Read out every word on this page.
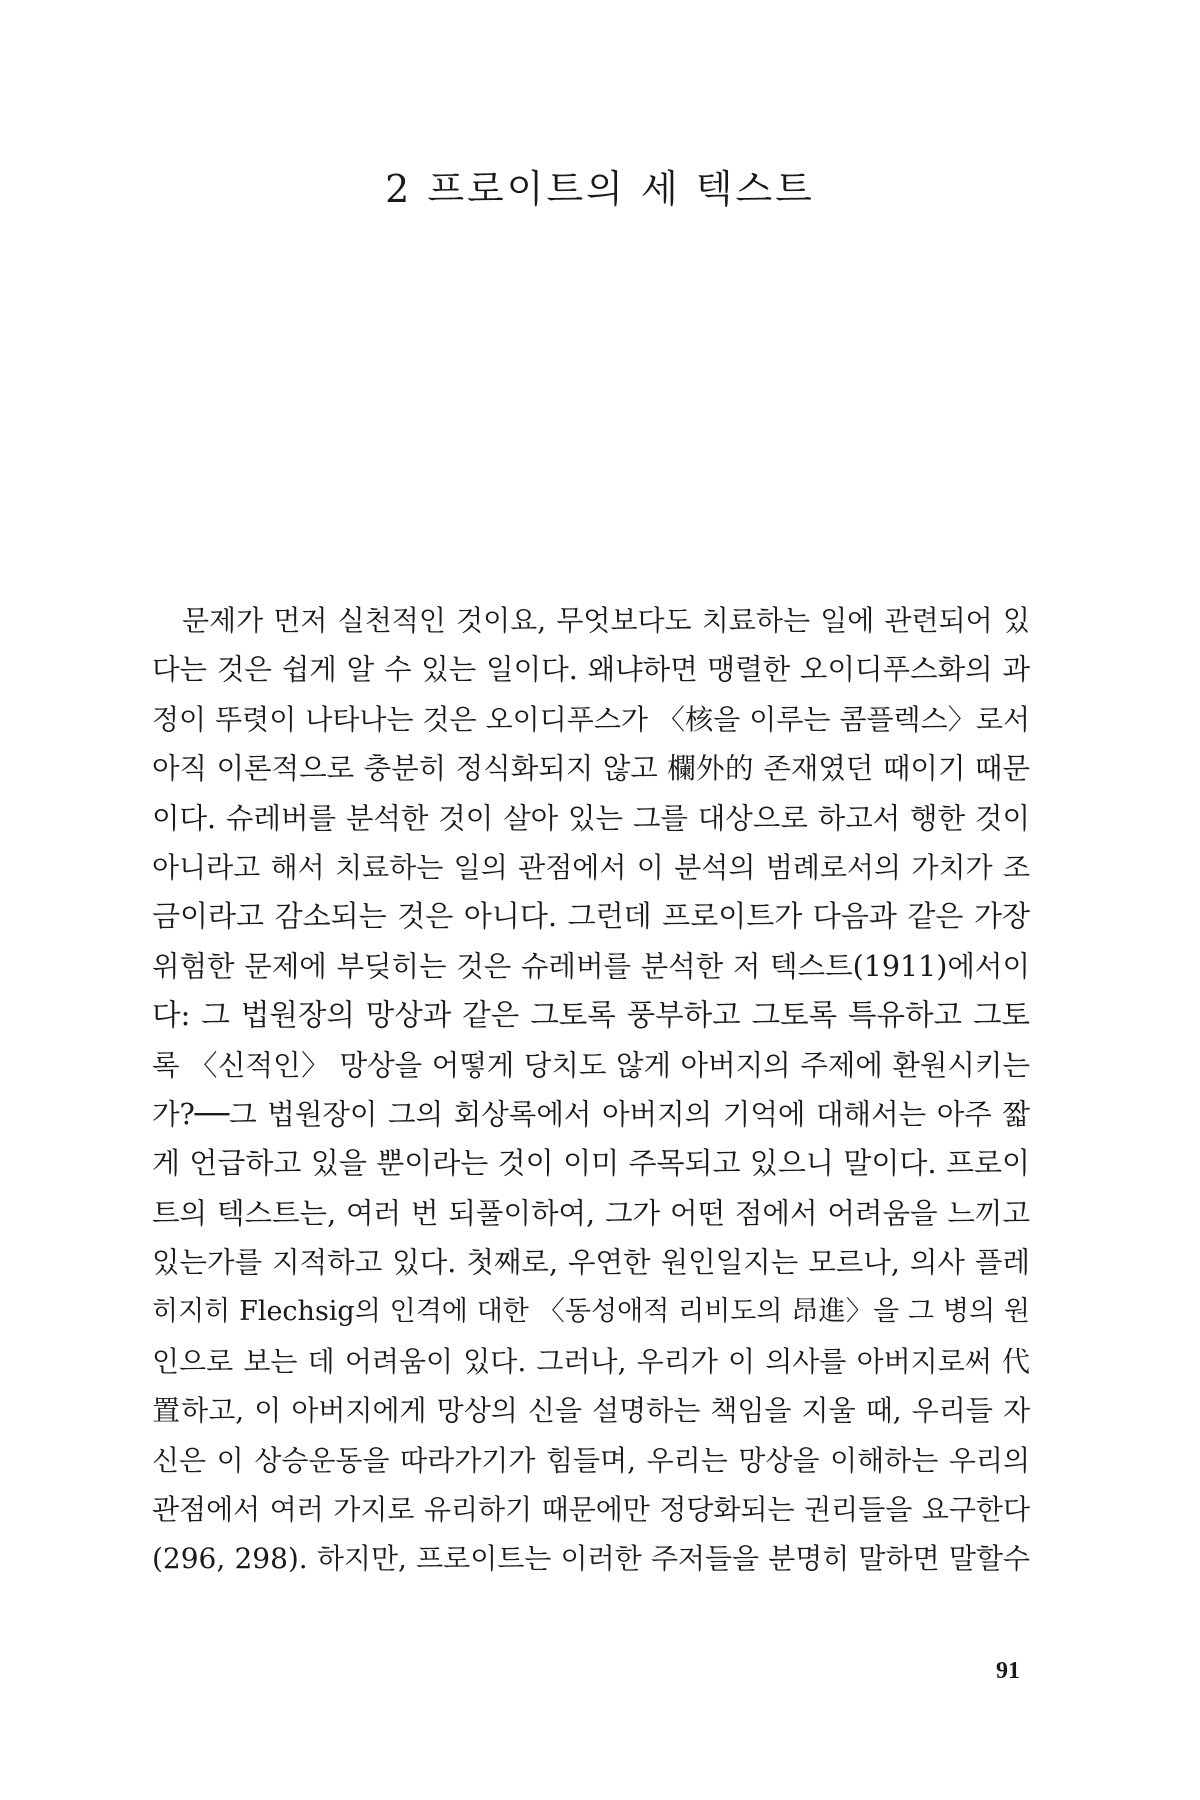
2 프로이트의 세 텍스트
문제가 먼저 실천적인 것이요, 무엇보다도 치료하는 일에 관련되어 있
다는 것은 쉽게 알 수 있는 일이다. 왜냐하면 맹렬한 오이디푸스화의 과
정이 뚜렷이 나타나는 것은 오이디푸스가 〈核을 이루는 콤플렉스〉로서
아직 이론적으로 충분히 정식화되지 않고 欄外的 존재였던 때이기 때문
이다. 슈레버를 분석한 것이 살아 있는 그를 대상으로 하고서 행한 것이
아니라고 해서 치료하는 일의 관점에서 이 분석의 범례로서의 가치가 조
금이라고 감소되는 것은 아니다. 그런데 프로이트가 다음과 같은 가장
위험한 문제에 부딪히는 것은 슈레버를 분석한 저 텍스트(1911)에서이
다: 그 법원장의 망상과 같은 그토록 풍부하고 그토록 특유하고 그토
록 〈신적인〉 망상을 어떻게 당치도 않게 아버지의 주제에 환원시키는
가?──그 법원장이 그의 회상록에서 아버지의 기억에 대해서는 아주 짧
게 언급하고 있을 뿐이라는 것이 이미 주목되고 있으니 말이다. 프로이
트의 텍스트는, 여러 번 되풀이하여, 그가 어떤 점에서 어려움을 느끼고
있는가를 지적하고 있다. 첫째로, 우연한 원인일지는 모르나, 의사 플레
히지히 Flechsig의 인격에 대한 〈동성애적 리비도의 昂進〉을 그 병의 원
인으로 보는 데 어려움이 있다. 그러나, 우리가 이 의사를 아버지로써 代
置하고, 이 아버지에게 망상의 신을 설명하는 책임을 지울 때, 우리들 자
신은 이 상승운동을 따라가기가 힘들며, 우리는 망상을 이해하는 우리의
관점에서 여러 가지로 유리하기 때문에만 정당화되는 권리들을 요구한다
(296, 298). 하지만, 프로이트는 이러한 주저들을 분명히 말하면 말할수
91
